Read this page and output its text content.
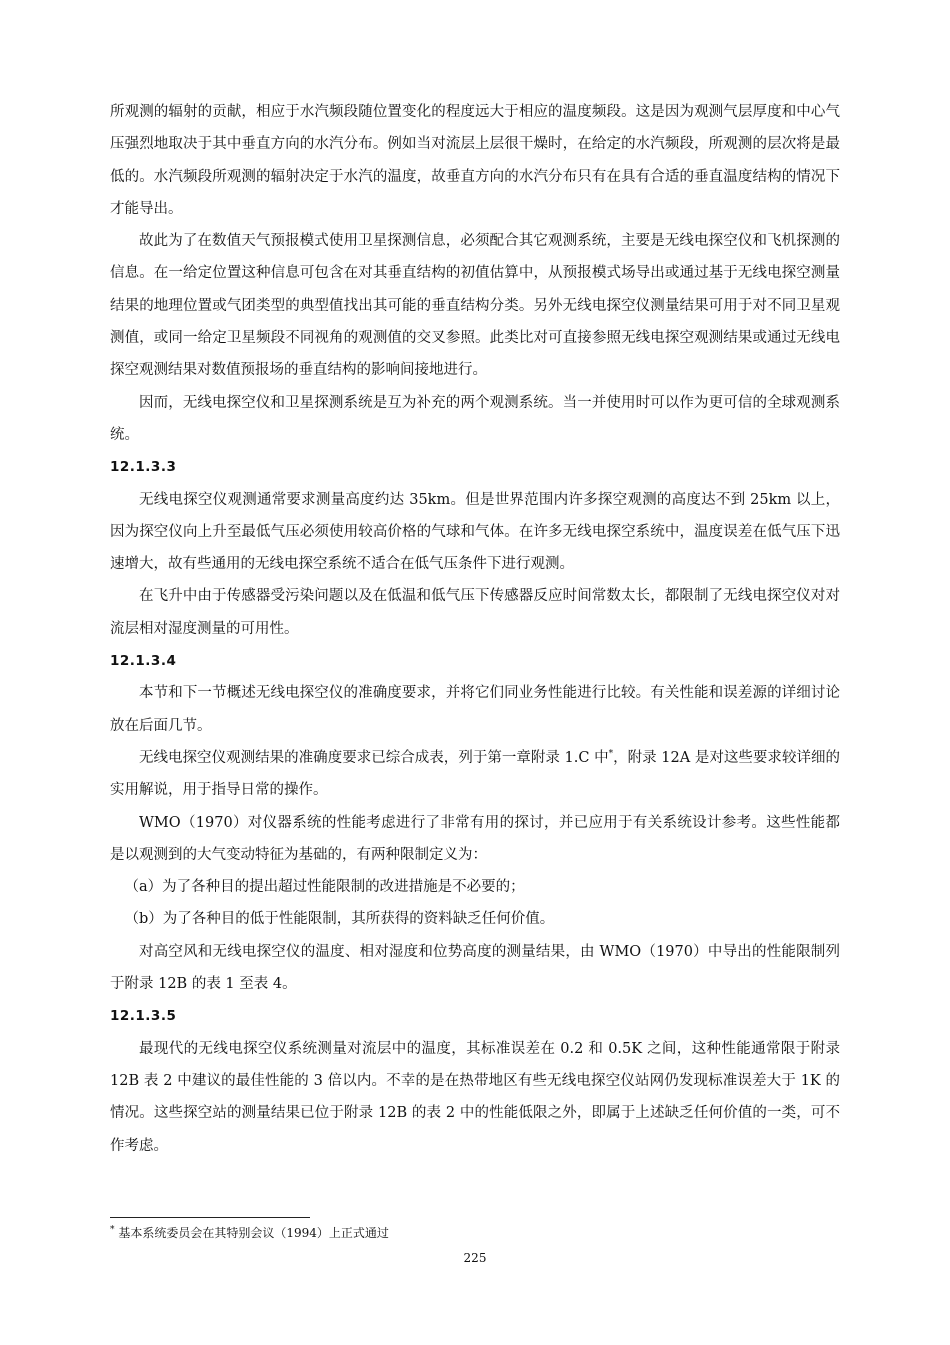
所观测的辐射的贡献，相应于水汽频段随位置变化的程度远大于相应的温度频段。这是因为观测气层厚度和中心气压强烈地取决于其中垂直方向的水汽分布。例如当对流层上层很干燥时，在给定的水汽频段，所观测的层次将是最低的。水汽频段所观测的辐射决定于水汽的温度，故垂直方向的水汽分布只有在具有合适的垂直温度结构的情况下才能导出。

故此为了在数值天气预报模式使用卫星探测信息，必须配合其它观测系统，主要是无线电探空仪和飞机探测的信息。在一给定位置这种信息可包含在对其垂直结构的初值估算中，从预报模式场导出或通过基于无线电探空测量结果的地理位置或气团类型的典型值找出其可能的垂直结构分类。另外无线电探空仪测量结果可用于对不同卫星观测值，或同一给定卫星频段不同视角的观测值的交叉参照。此类比对可直接参照无线电探空观测结果或通过无线电探空观测结果对数值预报场的垂直结构的影响间接地进行。

因而，无线电探空仪和卫星探测系统是互为补充的两个观测系统。当一并使用时可以作为更可信的全球观测系统。

12.1.3.3

无线电探空仪观测通常要求测量高度约达 35km。但是世界范围内许多探空观测的高度达不到 25km 以上，因为探空仪向上升至最低气压必须使用较高价格的气球和气体。在许多无线电探空系统中，温度误差在低气压下迅速增大，故有些通用的无线电探空系统不适合在低气压条件下进行观测。

在飞升中由于传感器受污染问题以及在低温和低气压下传感器反应时间常数太长，都限制了无线电探空仪对对流层相对湿度测量的可用性。

12.1.3.4

本节和下一节概述无线电探空仪的准确度要求，并将它们同业务性能进行比较。有关性能和误差源的详细讨论放在后面几节。

无线电探空仪观测结果的准确度要求已综合成表，列于第一章附录 1.C 中*，附录 12A 是对这些要求较详细的实用解说，用于指导日常的操作。

WMO（1970）对仪器系统的性能考虑进行了非常有用的探讨，并已应用于有关系统设计参考。这些性能都是以观测到的大气变动特征为基础的，有两种限制定义为：

（a）为了各种目的提出超过性能限制的改进措施是不必要的；

（b）为了各种目的低于性能限制，其所获得的资料缺乏任何价值。

对高空风和无线电探空仪的温度、相对湿度和位势高度的测量结果，由 WMO（1970）中导出的性能限制列于附录 12B 的表 1 至表 4。

12.1.3.5

最现代的无线电探空仪系统测量对流层中的温度，其标准误差在 0.2 和 0.5K 之间，这种性能通常限于附录 12B 表 2 中建议的最佳性能的 3 倍以内。不幸的是在热带地区有些无线电探空仪站网仍发现标准误差大于 1K 的情况。这些探空站的测量结果已位于附录 12B 的表 2 中的性能低限之外，即属于上述缺乏任何价值的一类，可不作考虑。

* 基本系统委员会在其特别会议（1994）上正式通过
225
